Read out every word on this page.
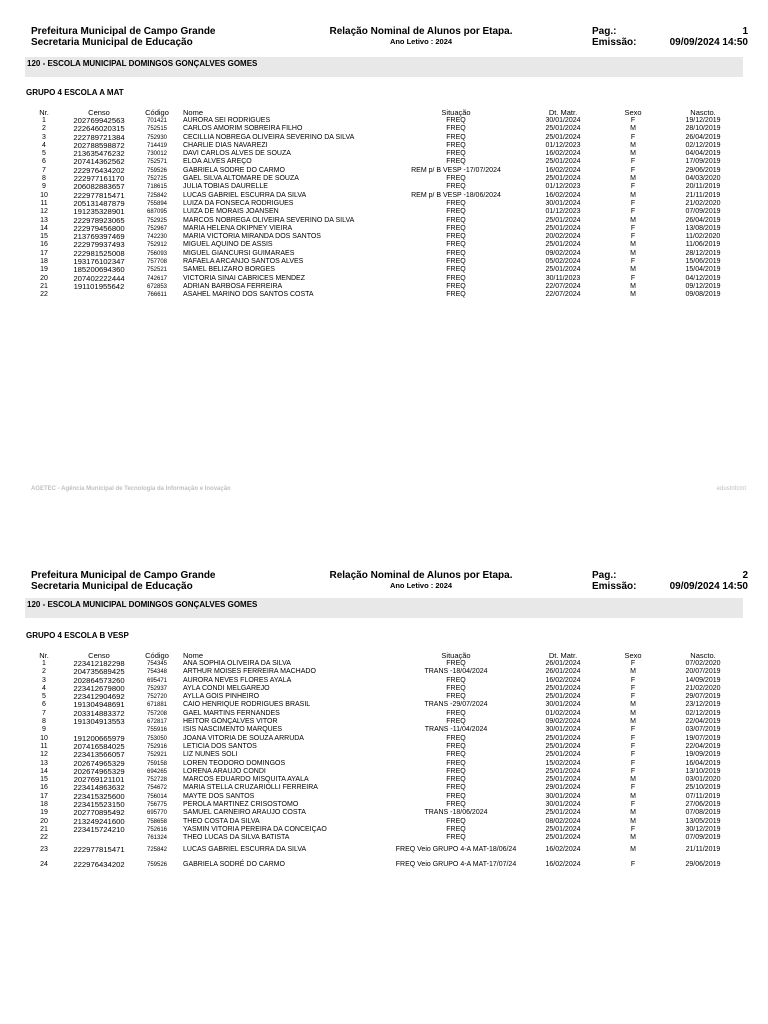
Prefeitura Municipal de Campo Grande
Secretaria Municipal de Educação
Relação Nominal de Alunos por Etapa.
Ano Letivo : 2024
Pag.:
Emissão:
1
09/09/2024 14:50
120 - ESCOLA MUNICIPAL DOMINGOS GONÇALVES GOMES
GRUPO 4 ESCOLA A MAT
Nr.	Censo	Código	Nome	Situação	Dt. Matr.	Sexo	Nascto.
1	202769942563	701421	AURORA SEI RODRIGUES	FREQ	30/01/2024	F	19/12/2019
2	222646020315	752515	CARLOS AMORIM SOBREIRA FILHO	FREQ	25/01/2024	M	28/10/2019
3	222789721384	752930	CECILLIA NOBREGA OLIVEIRA SEVERINO DA SILVA	FREQ	25/01/2024	F	26/04/2019
4	202788598872	714419	CHARLIE DIAS NAVAREZI	FREQ	01/12/2023	M	02/12/2019
5	213635476232	730012	DAVI CARLOS ALVES DE SOUZA	FREQ	16/02/2024	M	04/04/2019
6	207414362562	752571	ELOÁ ALVES AREÇO	FREQ	25/01/2024	F	17/09/2019
7	222976434202	759526	GABRIELA SODRÉ DO CARMO	REM p/ B VESP -17/07/2024	16/02/2024	F	29/06/2019
8	222977161170	752725	GAEL SILVA ALTOMARE DE SOUZA	FREQ	25/01/2024	M	04/03/2020
9	206082883657	718615	JULIA TOBIAS DAURELLE	FREQ	01/12/2023	F	20/11/2019
10	222977815471	725842	LUCAS GABRIEL ESCURRA DA SILVA	REM p/ B VESP -18/06/2024	16/02/2024	M	21/11/2019
11	205131487879	755894	LUIZA DA FONSECA RODRIGUES	FREQ	30/01/2024	F	21/02/2020
12	191235328901	687095	LUIZA DE MORAIS JOANSEN	FREQ	01/12/2023	F	07/09/2019
13	222978923065	752925	MARCOS NOBREGA OLIVEIRA SEVERINO DA SILVA	FREQ	25/01/2024	M	26/04/2019
14	222979456800	752967	MARIA HELENA OKIPNEY VIEIRA	FREQ	25/01/2024	F	13/08/2019
15	213769397469	742230	MARIA VICTÓRIA MIRANDA DOS SANTOS	FREQ	20/02/2024	F	11/02/2020
16	222979937493	752912	MIGUEL AQUINO DE ASSIS	FREQ	25/01/2024	M	11/06/2019
17	222981525008	756093	MIGUEL GIANCURSI GUIMARAES	FREQ	09/02/2024	M	28/12/2019
18	193176102347	757708	RAFAELA ARCANJO SANTOS ALVES	FREQ	05/02/2024	F	15/06/2019
19	185200694360	752521	SAMEL BELIZARO BORGES	FREQ	25/01/2024	M	15/04/2019
20	207402222444	742617	VICTORIA SINAÍ CABRICES MENDEZ	FREQ	30/11/2023	F	04/12/2019
21	191101955642	672853	ADRIAN BARBOSA FERREIRA	FREQ	22/07/2024	M	09/12/2019
22		766611	ASAHEL MARINO DOS SANTOS COSTA	FREQ	22/07/2024	M	09/08/2019
AGETEC - Agência Municipal de Tecnologia da Informação e Inovação	edustnfcmt
Prefeitura Municipal de Campo Grande
Secretaria Municipal de Educação
Relação Nominal de Alunos por Etapa.
Ano Letivo : 2024
Pag.:
Emissão:
2
09/09/2024 14:50
120 - ESCOLA MUNICIPAL DOMINGOS GONÇALVES GOMES
GRUPO 4 ESCOLA B VESP
Nr.	Censo	Código	Nome	Situação	Dt. Matr.	Sexo	Nascto.
1	223412182298	754345	ANA SOPHIA OLIVEIRA DA SILVA	FREQ	26/01/2024	F	07/02/2020
2	204735689425	754348	ARTHUR MOISES FERREIRA MACHADO	TRANS -18/04/2024	26/01/2024	M	20/07/2019
3	202864573260	695471	AURORA NEVES FLORES AYALA	FREQ	16/02/2024	F	14/09/2019
4	223412679800	752937	AYLA CONDI MELGAREJO	FREQ	25/01/2024	F	21/02/2020
5	223412904692	752720	AYLLA GÓIS PINHEIRO	FREQ	25/01/2024	F	29/07/2019
6	191304948691	671881	CAIO HENRIQUE RODRIGUES BRASIL	TRANS -29/07/2024	30/01/2024	M	23/12/2019
7	203314883372	757208	GAEL MARTINS FERNANDES	FREQ	01/02/2024	M	02/12/2019
8	191304913553	672817	HEITOR GONÇALVES VITOR	FREQ	09/02/2024	M	22/04/2019
9		755916	ISIS NASCIMENTO MARQUES	TRANS -11/04/2024	30/01/2024	F	03/07/2019
10	191200665979	753050	JOANA VITÓRIA DE SOUZA ARRUDA	FREQ	25/01/2024	F	19/07/2019
11	207416584025	752916	LETICIA DOS SANTOS	FREQ	25/01/2024	F	22/04/2019
12	223413566057	752921	LIZ NUNES SOLI	FREQ	25/01/2024	F	19/09/2019
13	202674965329	759158	LOREN TEODORO DOMINGOS	FREQ	15/02/2024	F	16/04/2019
14	202674965329	694265	LORENA ARAUJO CONDI	FREQ	25/01/2024	F	13/10/2019
15	202769121101	752728	MARCOS EDUARDO MISQUITA AYALA	FREQ	25/01/2024	M	03/01/2020
16	223414863632	754672	MARIA STELLA CRUZARIOLLI FERREIRA	FREQ	29/01/2024	F	25/10/2019
17	223415325600	756014	MAYTE DOS SANTOS	FREQ	30/01/2024	M	07/11/2019
18	223415523150	756775	PÉROLA MARTINEZ CRISOSTOMO	FREQ	30/01/2024	F	27/06/2019
19	202770895492	695770	SAMUEL CARNEIRO ARAÚJO COSTA	TRANS -18/06/2024	25/01/2024	M	07/08/2019
20	213249241600	758658	THEO COSTA DA SILVA	FREQ	08/02/2024	M	13/05/2019
21	223415724210	752616	YASMIN VITÓRIA PEREIRA DA CONCEIÇÃO	FREQ	25/01/2024	F	30/12/2019
22		761324	THEO LUCAS DA SILVA BATISTA	FREQ	25/01/2024	M	07/09/2019
23	222977815471	725842	LUCAS GABRIEL ESCURRA DA SILVA	FREQ Veio GRUPO 4-A MAT-18/06/24	16/02/2024	M	21/11/2019
24	222976434202	759526	GABRIELA SODRÉ DO CARMO	FREQ Veio GRUPO 4-A MAT-17/07/24	16/02/2024	F	29/06/2019
